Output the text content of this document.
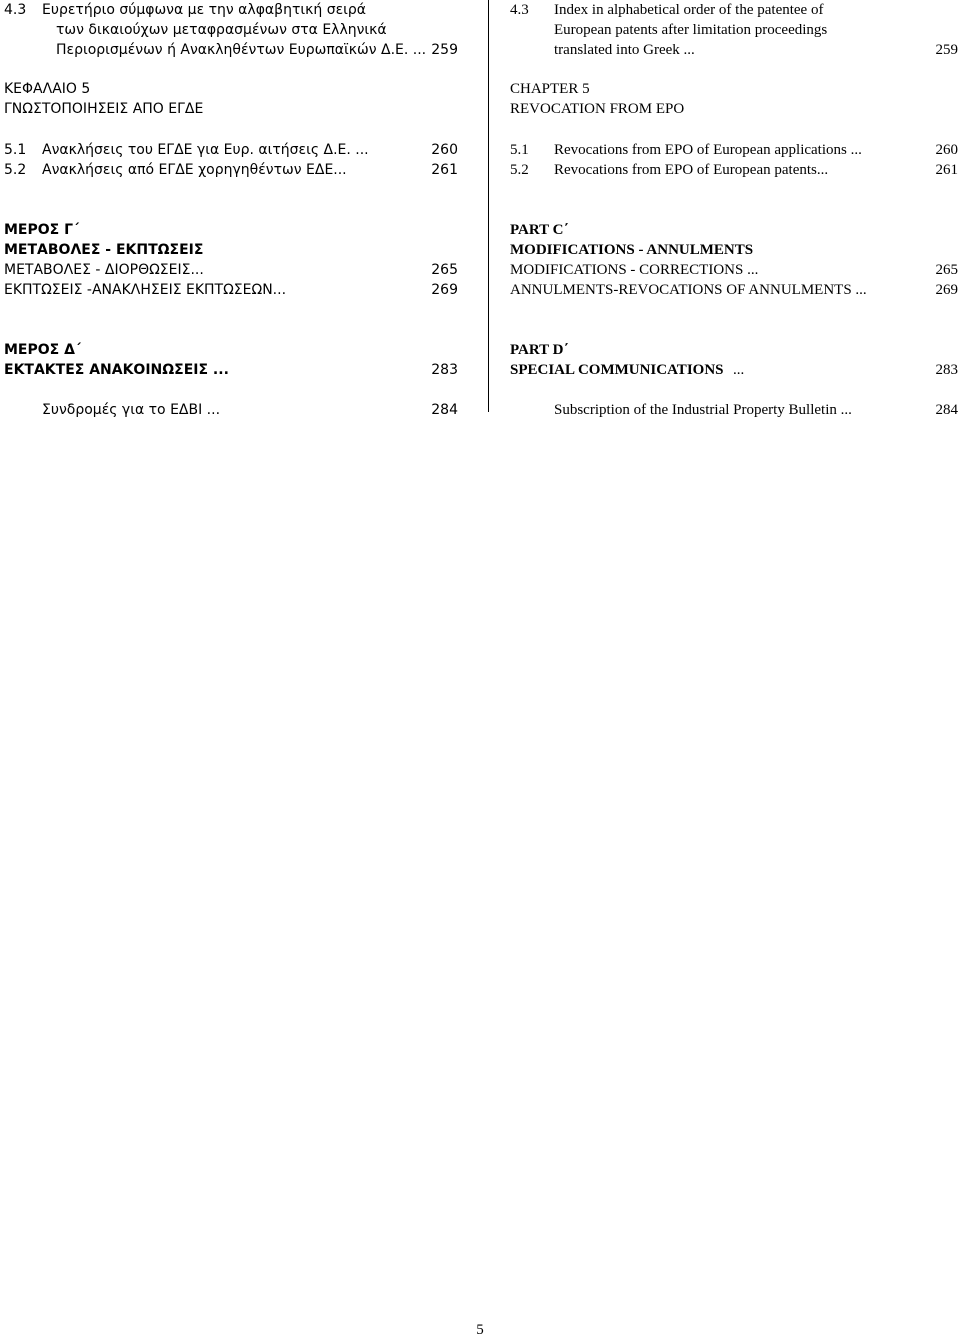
4.3 Ευρετήριο σύμφωνα με την αλφαβητική σειρά
των δικαιούχων μεταφρασμένων στα Ελληνικά
Περιορισμένων ή Ανακληθέντων Ευρωπαϊκών Δ.Ε. ... 259
ΚΕΦΑΛΑΙΟ 5
ΓΝΩΣΤΟΠΟΙΗΣΕΙΣ ΑΠΟ ΕΓΔΕ
5.1 Ανακλήσεις του ΕΓΔΕ για Ευρ. αιτήσεις Δ.Ε. ...	260
5.2 Ανακλήσεις από ΕΓΔΕ χορηγηθέντων ΕΔΕ...	261
ΜΕΡΟΣ Γ΄
ΜΕΤΑΒΟΛΕΣ - ΕΚΠΤΩΣΕΙΣ
ΜΕΤΑΒΟΛΕΣ - ΔΙΟΡΘΩΣΕΙΣ...	265
ΕΚΠΤΩΣΕΙΣ -ΑΝΑΚΛΗΣΕΙΣ ΕΚΠΤΩΣΕΩΝ...	269
ΜΕΡΟΣ Δ΄
ΕΚΤΑΚΤΕΣ ΑΝΑΚΟΙΝΩΣΕΙΣ ...	283
Συνδρομές για το ΕΔΒΙ ...	284
4.3 Index in alphabetical order of the patentee of
European patents after limitation proceedings
translated into Greek ...	259
CHAPTER 5
REVOCATION FROM EPO
5.1 Revocations from EPO of European applications ...	260
5.2 Revocations from EPO of European patents...	261
PART C΄
MODIFICATIONS - ANNULMENTS
MODIFICATIONS - CORRECTIONS ...	265
ANNULMENTS-REVOCATIONS OF ANNULMENTS ...	269
PART D΄
SPECIAL COMMUNICATIONS ...	283
Subscription of the Industrial Property Bulletin ...	284
5
